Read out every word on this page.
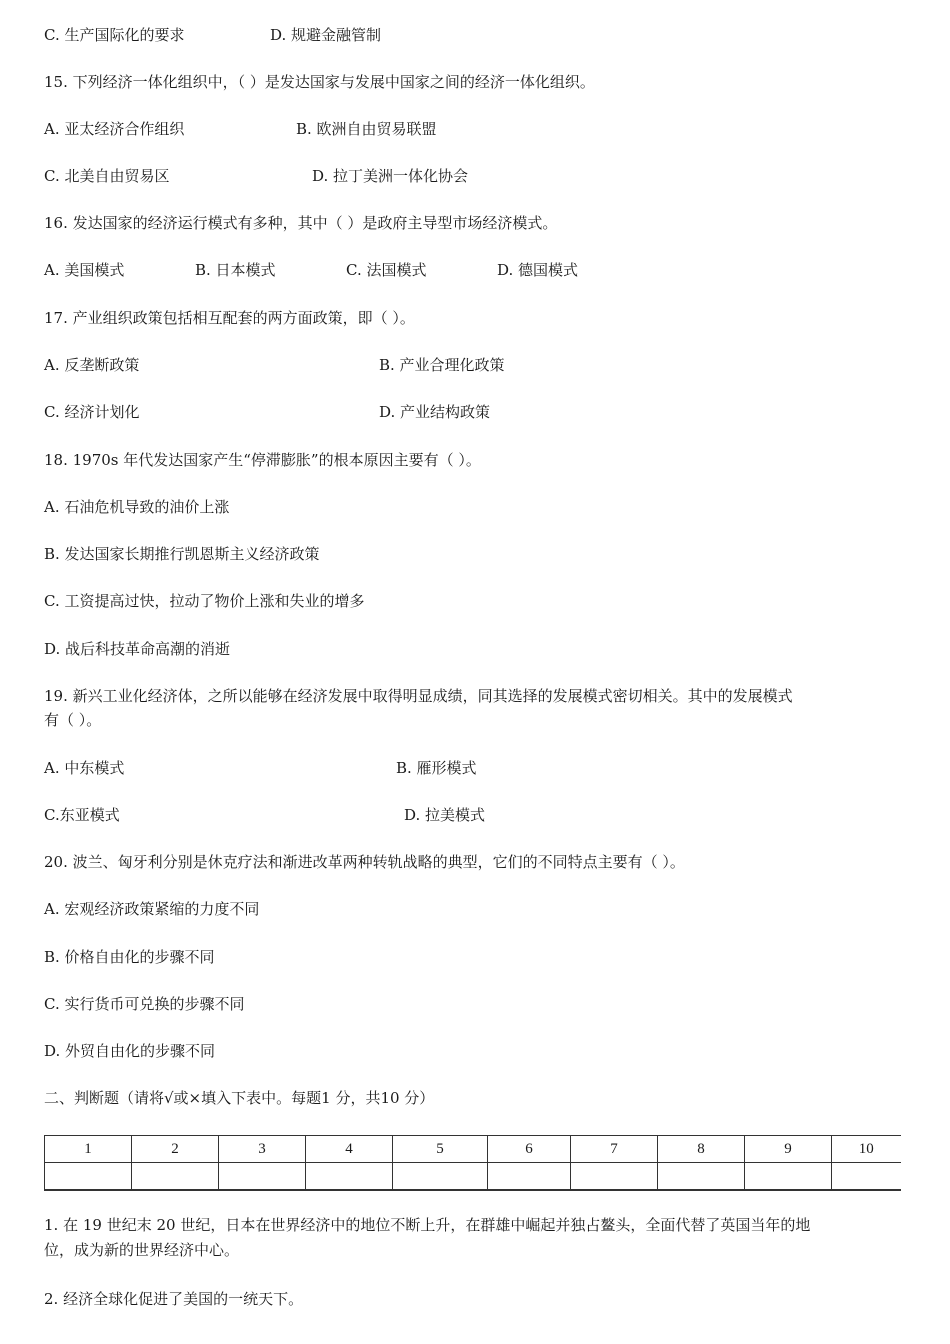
C. 生产国际化的要求	D. 规避金融管制
15. 下列经济一体化组织中，（ ）是发达国家与发展中国家之间的经济一体化组织。
A. 亚太经济合作组织	B. 欧洲自由贸易联盟
C. 北美自由贸易区	D. 拉丁美洲一体化协会
16. 发达国家的经济运行模式有多种，其中（ ）是政府主导型市场经济模式。
A. 美国模式	B. 日本模式	C. 法国模式	D. 德国模式
17. 产业组织政策包括相互配套的两方面政策，即（ ）。
A. 反垄断政策	B. 产业合理化政策
C. 经济计划化	D. 产业结构政策
18. 1970s 年代发达国家产生“停滞膨胀”的根本原因主要有（ ）。
A. 石油危机导致的油价上涨
B. 发达国家长期推行凯恩斯主义经济政策
C. 工资提高过快，拉动了物价上涨和失业的增多
D. 战后科技革命高潮的消逝
19. 新兴工业化经济体，之所以能够在经济发展中取得明显成绩，同其选择的发展模式密切相关。其中的发展模式
有（ ）。
A. 中东模式	B. 雁形模式
C.东亚模式	D. 拉美模式
20. 波兰、匈牙利分别是休克疗法和渐进改革两种转轨战略的典型，它们的不同特点主要有（ ）。
A. 宏观经济政策紧缩的力度不同
B. 价格自由化的步骤不同
C. 实行货币可兑换的步骤不同
D. 外贸自由化的步骤不同
二、判断题（请将√或×填入下表中。每题1 分，共10 分）
1	2	3	4	5	6	7	8	9	10

1. 在 19 世纪末 20 世纪，日本在世界经济中的地位不断上升，在群雄中崛起并独占鳌头，全面代替了英国当年的地
位，成为新的世界经济中心。
2. 经济全球化促进了美国的一统天下。
